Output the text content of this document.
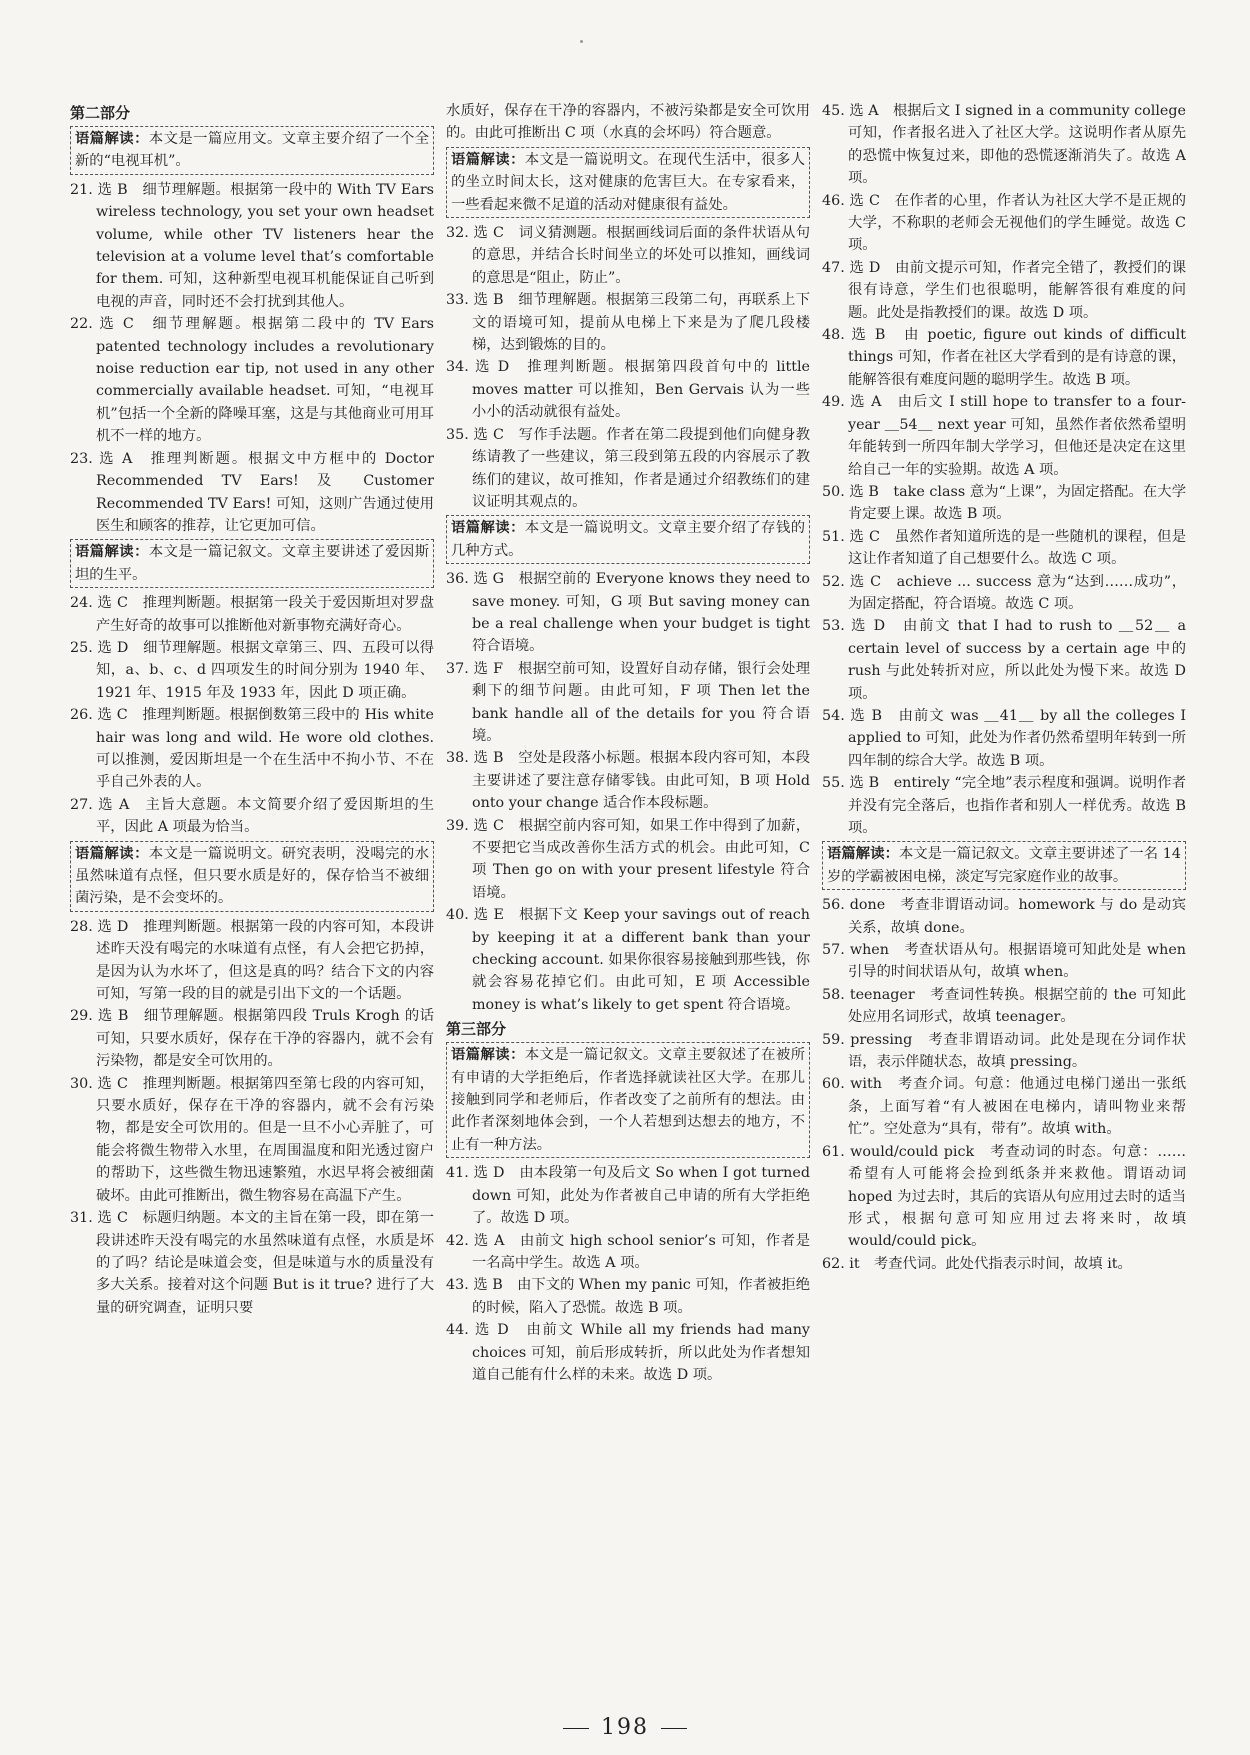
第二部分
语篇解读：本文是一篇应用文。文章主要介绍了一个全新的“电视耳机”。

21. 选 B　细节理解题。根据第一段中的 With TV Ears wireless technology, you set your own headset volume, while other TV listeners hear the television at a volume level that’s comfortable for them. 可知，这种新型电视耳机能保证自己听到电视的声音，同时还不会打扰到其他人。

22. 选 C　细节理解题。根据第二段中的 TV Ears patented technology includes a revolutionary noise reduction ear tip, not used in any other commercially available headset. 可知，“电视耳机”包括一个全新的降噪耳塞，这是与其他商业可用耳机不一样的地方。

23. 选 A　推理判断题。根据文中方框中的 Doctor Recommended TV Ears! 及 Customer Recommended TV Ears! 可知，这则广告通过使用医生和顾客的推荐，让它更加可信。

语篇解读：本文是一篇记叙文。文章主要讲述了爱因斯坦的生平。

24. 选 C　推理判断题。根据第一段关于爱因斯坦对罗盘产生好奇的故事可以推断他对新事物充满好奇心。

25. 选 D　细节理解题。根据文章第三、四、五段可以得知，a、b、c、d 四项发生的时间分别为 1940 年、1921 年、1915 年及 1933 年，因此 D 项正确。

26. 选 C　推理判断题。根据倒数第三段中的 His white hair was long and wild. He wore old clothes. 可以推测，爱因斯坦是一个在生活中不拘小节、不在乎自己外表的人。

27. 选 A　主旨大意题。本文简要介绍了爱因斯坦的生平，因此 A 项最为恰当。

语篇解读：本文是一篇说明文。研究表明，没喝完的水虽然味道有点怪，但只要水质是好的，保存恰当不被细菌污染，是不会变坏的。

28. 选 D　推理判断题。根据第一段的内容可知，本段讲述昨天没有喝完的水味道有点怪，有人会把它扔掉，是因为认为水坏了，但这是真的吗？结合下文的内容可知，写第一段的目的就是引出下文的一个话题。

29. 选 B　细节理解题。根据第四段 Truls Krogh 的话可知，只要水质好，保存在干净的容器内，就不会有污染物，都是安全可饮用的。

30. 选 C　推理判断题。根据第四至第七段的内容可知，只要水质好，保存在干净的容器内，就不会有污染物，都是安全可饮用的。但是一旦不小心弄脏了，可能会将微生物带入水里，在周围温度和阳光透过窗户的帮助下，这些微生物迅速繁殖，水迟早将会被细菌破坏。由此可推断出，微生物容易在高温下产生。

31. 选 C　标题归纳题。本文的主旨在第一段，即在第一段讲述昨天没有喝完的水虽然味道有点怪，水质是坏的了吗？结论是味道会变，但是味道与水的质量没有多大关系。接着对这个问题 But is it true? 进行了大量的研究调查，证明只要

水质好，保存在干净的容器内，不被污染都是安全可饮用的。由此可推断出 C 项（水真的会坏吗）符合题意。

语篇解读：本文是一篇说明文。在现代生活中，很多人的坐立时间太长，这对健康的危害巨大。在专家看来，一些看起来微不足道的活动对健康很有益处。

32. 选 C　词义猜测题。根据画线词后面的条件状语从句的意思，并结合长时间坐立的坏处可以推知，画线词的意思是“阻止，防止”。

33. 选 B　细节理解题。根据第三段第二句，再联系上下文的语境可知，提前从电梯上下来是为了爬几段楼梯，达到锻炼的目的。

34. 选 D　推理判断题。根据第四段首句中的 little moves matter 可以推知，Ben Gervais 认为一些小小的活动就很有益处。

35. 选 C　写作手法题。作者在第二段提到他们向健身教练请教了一些建议，第三段到第五段的内容展示了教练们的建议，故可推知，作者是通过介绍教练们的建议证明其观点的。

语篇解读：本文是一篇说明文。文章主要介绍了存钱的几种方式。

36. 选 G　根据空前的 Everyone knows they need to save money. 可知，G 项 But saving money can be a real challenge when your budget is tight 符合语境。

37. 选 F　根据空前可知，设置好自动存储，银行会处理剩下的细节问题。由此可知，F 项 Then let the bank handle all of the details for you 符合语境。

38. 选 B　空处是段落小标题。根据本段内容可知，本段主要讲述了要注意存储零钱。由此可知，B 项 Hold onto your change 适合作本段标题。

39. 选 C　根据空前内容可知，如果工作中得到了加薪，不要把它当成改善你生活方式的机会。由此可知，C 项 Then go on with your present lifestyle 符合语境。

40. 选 E　根据下文 Keep your savings out of reach by keeping it at a different bank than your checking account. 如果你很容易接触到那些钱，你就会容易花掉它们。由此可知，E 项 Accessible money is what’s likely to get spent 符合语境。

第三部分
语篇解读：本文是一篇记叙文。文章主要叙述了在被所有申请的大学拒绝后，作者选择就读社区大学。在那儿接触到同学和老师后，作者改变了之前所有的想法。由此作者深刻地体会到，一个人若想到达想去的地方，不止有一种方法。

41. 选 D　由本段第一句及后文 So when I got turned down 可知，此处为作者被自己申请的所有大学拒绝了。故选 D 项。

42. 选 A　由前文 high school senior’s 可知，作者是一名高中学生。故选 A 项。

43. 选 B　由下文的 When my panic 可知，作者被拒绝的时候，陷入了恐慌。故选 B 项。

44. 选 D　由前文 While all my friends had many choices 可知，前后形成转折，所以此处为作者想知道自己能有什么样的未来。故选 D 项。

45. 选 A　根据后文 I signed in a community college 可知，作者报名进入了社区大学。这说明作者从原先的恐慌中恢复过来，即他的恐慌逐渐消失了。故选 A 项。

46. 选 C　在作者的心里，作者认为社区大学不是正规的大学，不称职的老师会无视他们的学生睡觉。故选 C 项。

47. 选 D　由前文提示可知，作者完全错了，教授们的课很有诗意，学生们也很聪明，能解答很有难度的问题。此处是指教授们的课。故选 D 项。

48. 选 B　由 poetic, figure out kinds of difficult things 可知，作者在社区大学看到的是有诗意的课，能解答很有难度问题的聪明学生。故选 B 项。

49. 选 A　由后文 I still hope to transfer to a four-year ＿54＿ next year 可知，虽然作者依然希望明年能转到一所四年制大学学习，但他还是决定在这里给自己一年的实验期。故选 A 项。

50. 选 B　take class 意为“上课”，为固定搭配。在大学肯定要上课。故选 B 项。

51. 选 C　虽然作者知道所选的是一些随机的课程，但是这让作者知道了自己想要什么。故选 C 项。

52. 选 C　achieve ... success 意为“达到……成功”，为固定搭配，符合语境。故选 C 项。

53. 选 D　由前文 that I had to rush to ＿52＿ a certain level of success by a certain age 中的 rush 与此处转折对应，所以此处为慢下来。故选 D 项。

54. 选 B　由前文 was ＿41＿ by all the colleges I applied to 可知，此处为作者仍然希望明年转到一所四年制的综合大学。故选 B 项。

55. 选 B　entirely “完全地”表示程度和强调。说明作者并没有完全落后，也指作者和别人一样优秀。故选 B 项。

语篇解读：本文是一篇记叙文。文章主要讲述了一名 14 岁的学霸被困电梯，淡定写完家庭作业的故事。

56. done　考查非谓语动词。homework 与 do 是动宾关系，故填 done。

57. when　考查状语从句。根据语境可知此处是 when 引导的时间状语从句，故填 when。

58. teenager　考查词性转换。根据空前的 the 可知此处应用名词形式，故填 teenager。

59. pressing　考查非谓语动词。此处是现在分词作状语，表示伴随状态，故填 pressing。

60. with　考查介词。句意：他通过电梯门递出一张纸条，上面写着“有人被困在电梯内，请叫物业来帮忙”。空处意为“具有，带有”。故填 with。

61. would/could pick　考查动词的时态。句意：……希望有人可能将会捡到纸条并来救他。谓语动词 hoped 为过去时，其后的宾语从句应用过去时的适当形式，根据句意可知应用过去将来时，故填 would/could pick。

62. it　考查代词。此处代指表示时间，故填 it。

198
